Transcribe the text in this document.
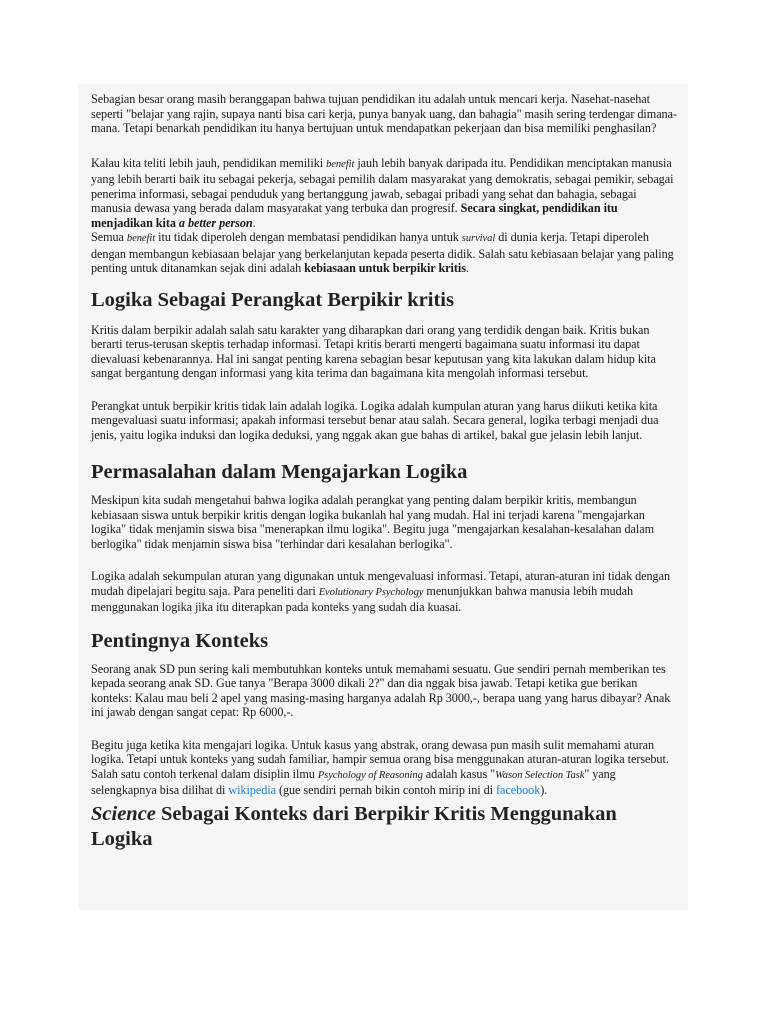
Sebagian besar orang masih beranggapan bahwa tujuan pendidikan itu adalah untuk mencari kerja. Nasehat-nasehat seperti "belajar yang rajin, supaya nanti bisa cari kerja, punya banyak uang, dan bahagia" masih sering terdengar dimana-mana. Tetapi benarkah pendidikan itu hanya bertujuan untuk mendapatkan pekerjaan dan bisa memiliki penghasilan?

Kalau kita teliti lebih jauh, pendidikan memiliki benefit jauh lebih banyak daripada itu. Pendidikan menciptakan manusia yang lebih berarti baik itu sebagai pekerja, sebagai pemilih dalam masyarakat yang demokratis, sebagai pemikir, sebagai penerima informasi, sebagai penduduk yang bertanggung jawab, sebagai pribadi yang sehat dan bahagia, sebagai manusia dewasa yang berada dalam masyarakat yang terbuka dan progresif. Secara singkat, pendidikan itu menjadikan kita a better person.

Semua benefit itu tidak diperoleh dengan membatasi pendidikan hanya untuk survival di dunia kerja. Tetapi diperoleh dengan membangun kebiasaan belajar yang berkelanjutan kepada peserta didik. Salah satu kebiasaan belajar yang paling penting untuk ditanamkan sejak dini adalah kebiasaan untuk berpikir kritis.

Logika Sebagai Perangkat Berpikir kritis

Kritis dalam berpikir adalah salah satu karakter yang diharapkan dari orang yang terdidik dengan baik. Kritis bukan berarti terus-terusan skeptis terhadap informasi. Tetapi kritis berarti mengerti bagaimana suatu informasi itu dapat dievaluasi kebenarannya. Hal ini sangat penting karena sebagian besar keputusan yang kita lakukan dalam hidup kita sangat bergantung dengan informasi yang kita terima dan bagaimana kita mengolah informasi tersebut.

Perangkat untuk berpikir kritis tidak lain adalah logika. Logika adalah kumpulan aturan yang harus diikuti ketika kita mengevaluasi suatu informasi; apakah informasi tersebut benar atau salah. Secara general, logika terbagi menjadi dua jenis, yaitu logika induksi dan logika deduksi, yang nggak akan gue bahas di artikel, bakal gue jelasin lebih lanjut.

Permasalahan dalam Mengajarkan Logika

Meskipun kita sudah mengetahui bahwa logika adalah perangkat yang penting dalam berpikir kritis, membangun kebiasaan siswa untuk berpikir kritis dengan logika bukanlah hal yang mudah. Hal ini terjadi karena "mengajarkan logika" tidak menjamin siswa bisa "menerapkan ilmu logika". Begitu juga "mengajarkan kesalahan-kesalahan dalam berlogika" tidak menjamin siswa bisa "terhindar dari kesalahan berlogika".

Logika adalah sekumpulan aturan yang digunakan untuk mengevaluasi informasi. Tetapi, aturan-aturan ini tidak dengan mudah dipelajari begitu saja. Para peneliti dari Evolutionary Psychology menunjukkan bahwa manusia lebih mudah menggunakan logika jika itu diterapkan pada konteks yang sudah dia kuasai.

Pentingnya Konteks

Seorang anak SD pun sering kali membutuhkan konteks untuk memahami sesuatu. Gue sendiri pernah memberikan tes kepada seorang anak SD. Gue tanya "Berapa 3000 dikali 2?" dan dia nggak bisa jawab. Tetapi ketika gue berikan konteks: Kalau mau beli 2 apel yang masing-masing harganya adalah Rp 3000,-, berapa uang yang harus dibayar? Anak ini jawab dengan sangat cepat: Rp 6000,-.

Begitu juga ketika kita mengajari logika. Untuk kasus yang abstrak, orang dewasa pun masih sulit memahami aturan logika. Tetapi untuk konteks yang sudah familiar, hampir semua orang bisa menggunakan aturan-aturan logika tersebut. Salah satu contoh terkenal dalam disiplin ilmu Psychology of Reasoning adalah kasus "Wason Selection Task" yang selengkapnya bisa dilihat di wikipedia (gue sendiri pernah bikin contoh mirip ini di facebook).

Science Sebagai Konteks dari Berpikir Kritis Menggunakan Logika
